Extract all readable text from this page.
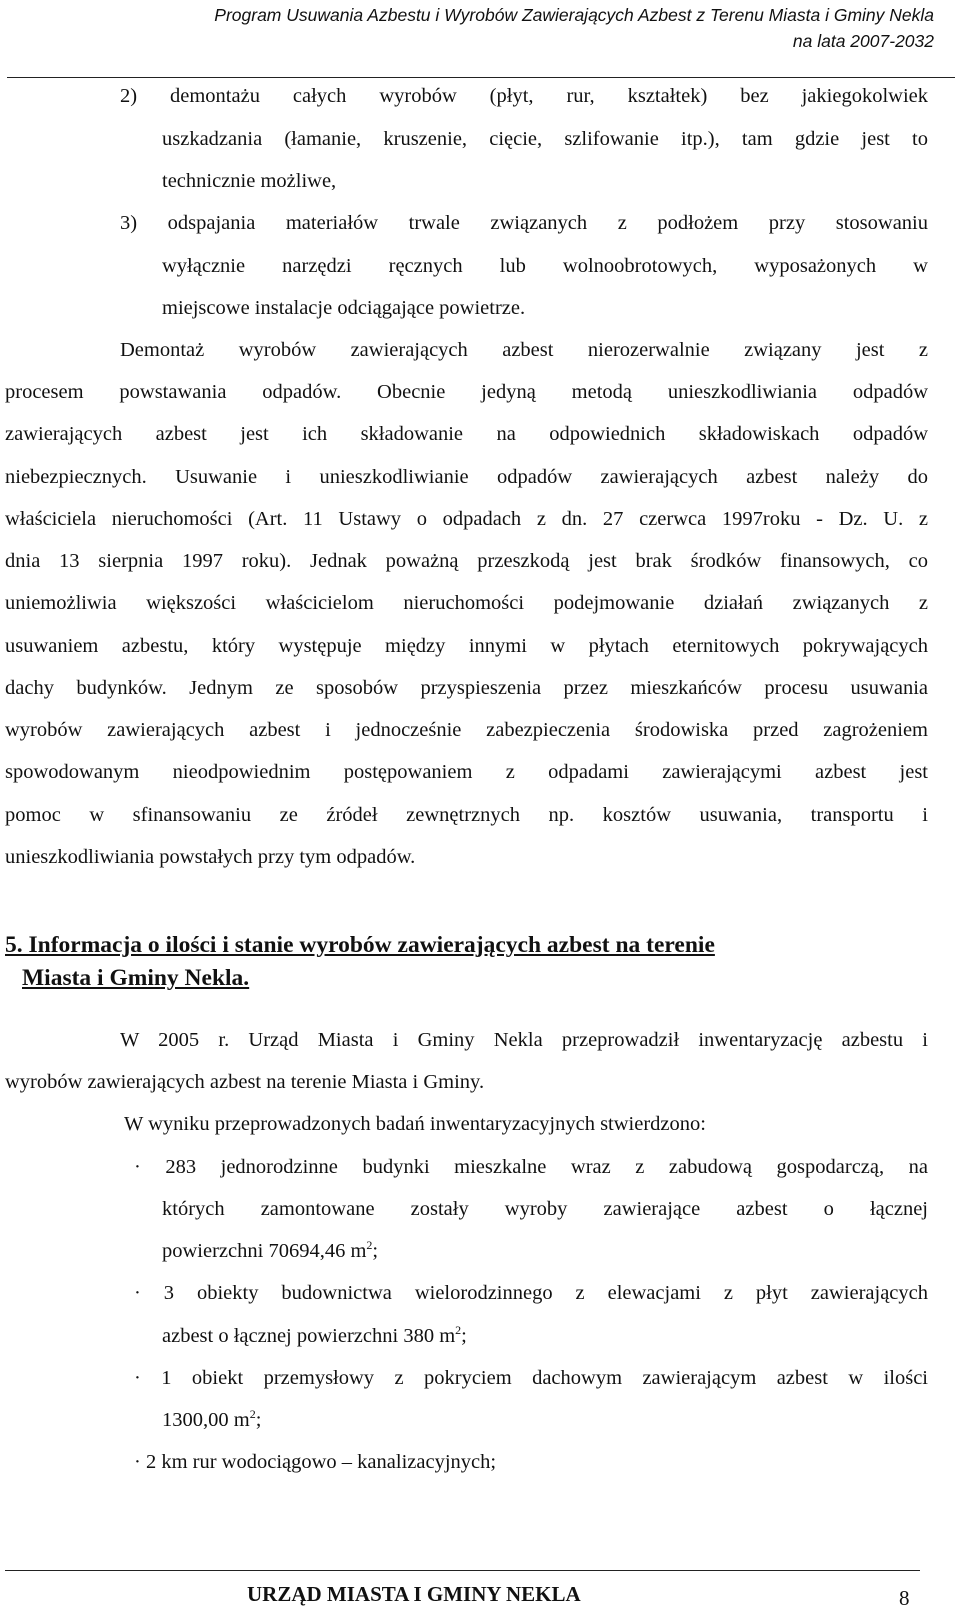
Program Usuwania Azbestu i Wyrobów Zawierających Azbest z Terenu Miasta i Gminy Nekla
na lata 2007-2032
2) demontażu całych wyrobów (płyt, rur, kształtek) bez jakiegokolwiek
uszkadzania (łamanie, kruszenie, cięcie, szlifowanie itp.), tam gdzie jest to
technicznie możliwe,
3) odspajania materiałów trwale związanych z podłożem przy stosowaniu
wyłącznie narzędzi ręcznych lub wolnoobrotowych, wyposażonych w
miejscowe instalacje odciągające powietrze.
Demontaż wyrobów zawierających azbest nierozerwalnie związany jest z
procesem powstawania odpadów. Obecnie jedyną metodą unieszkodliwiania odpadów
zawierających azbest jest ich składowanie na odpowiednich składowiskach odpadów
niebezpiecznych. Usuwanie i unieszkodliwianie odpadów zawierających azbest należy do
właściciela nieruchomości (Art. 11 Ustawy o odpadach z dn. 27 czerwca 1997roku - Dz. U. z
dnia 13 sierpnia 1997 roku). Jednak poważną przeszkodą jest brak środków finansowych, co
uniemożliwia większości właścicielom nieruchomości podejmowanie działań związanych z
usuwaniem azbestu, który występuje między innymi w płytach eternitowych pokrywających
dachy budynków. Jednym ze sposobów przyspieszenia przez mieszkańców procesu usuwania
wyrobów zawierających azbest i jednocześnie zabezpieczenia środowiska przed zagrożeniem
spowodowanym nieodpowiednim postępowaniem z odpadami zawierającymi azbest jest
pomoc w sfinansowaniu ze źródeł zewnętrznych np. kosztów usuwania, transportu i
unieszkodliwiania powstałych przy tym odpadów.
5. Informacja o ilości i stanie wyrobów zawierających azbest na terenie
Miasta i Gminy Nekla.
W 2005 r. Urząd Miasta i Gminy Nekla przeprowadził inwentaryzację azbestu i
wyrobów zawierających azbest na terenie Miasta i Gminy.
W wyniku przeprowadzonych badań inwentaryzacyjnych stwierdzono:
· 283 jednorodzinne budynki mieszkalne wraz z zabudową gospodarczą, na
których zamontowane zostały wyroby zawierające azbest o łącznej
powierzchni 70694,46 $m^2$;
· 3 obiekty budownictwa wielorodzinnego z elewacjami z płyt zawierających
azbest o łącznej powierzchni 380 $m^2$;
· 1 obiekt przemysłowy z pokryciem dachowym zawierającym azbest w ilości
1300,00 $m^2$;
· 2 km rur wodociągowo – kanalizacyjnych;
URZĄD MIASTA I GMINY NEKLA	8
